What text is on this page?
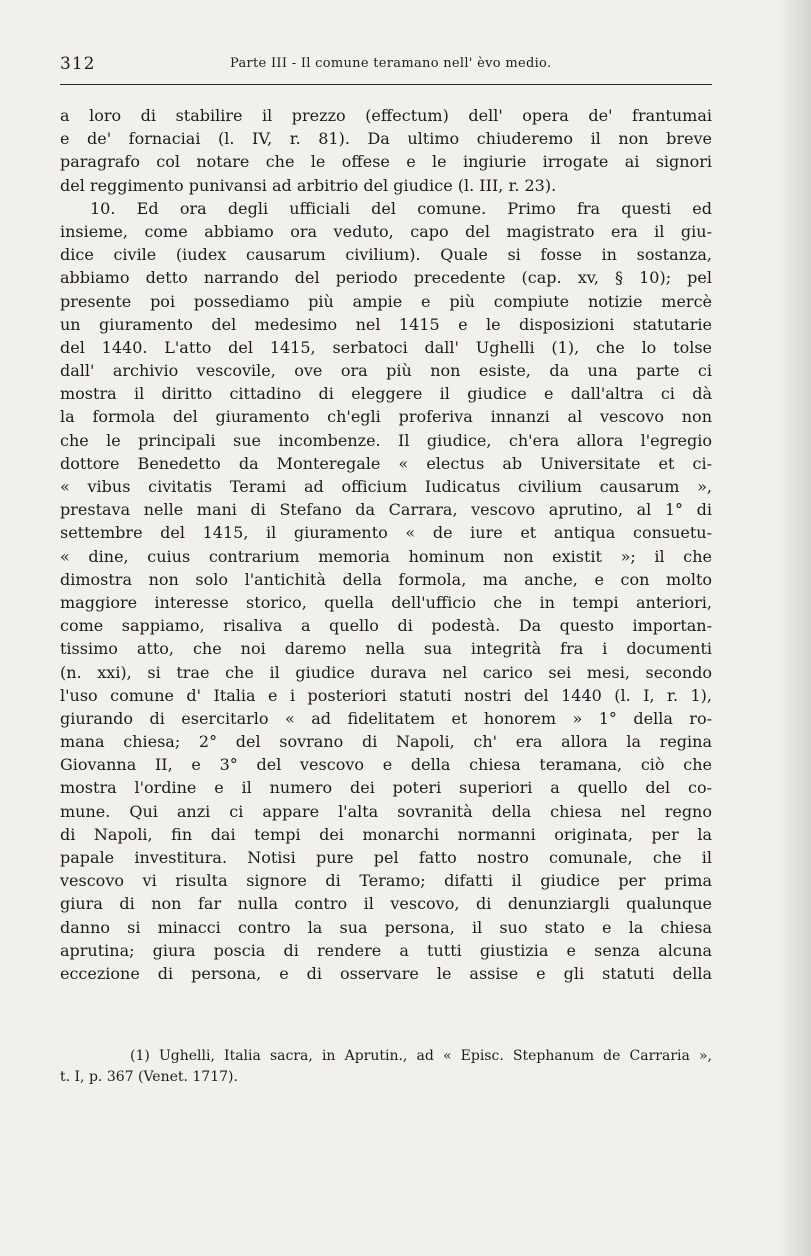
312	Parte III - Il comune teramano nell' èvo medio.
a loro di stabilire il prezzo (effectum) dell' opera de' frantumai
e de' fornaciai (l. IV, r. 81). Da ultimo chiuderemo il non breve
paragrafo col notare che le offese e le ingiurie irrogate ai signori
del reggimento punivansi ad arbitrio del giudice (l. III, r. 23).
10. Ed ora degli ufficiali del comune. Primo fra questi ed
insieme, come abbiamo ora veduto, capo del magistrato era il giu-
dice civile (iudex causarum civilium). Quale si fosse in sostanza,
abbiamo detto narrando del periodo precedente (cap. xv, § 10); pel
presente poi possediamo più ampie e più compiute notizie mercè
un giuramento del medesimo nel 1415 e le disposizioni statutarie
del 1440. L'atto del 1415, serbatoci dall' Ughelli (1), che lo tolse
dall' archivio vescovile, ove ora più non esiste, da una parte ci
mostra il diritto cittadino di eleggere il giudice e dall'altra ci dà
la formola del giuramento ch'egli proferiva innanzi al vescovo non
che le principali sue incombenze. Il giudice, ch'era allora l'egregio
dottore Benedetto da Monteregale « electus ab Universitate et ci-
« vibus civitatis Terami ad officium Iudicatus civilium causarum »,
prestava nelle mani di Stefano da Carrara, vescovo aprutino, al 1° di
settembre del 1415, il giuramento « de iure et antiqua consuetu-
« dine, cuius contrarium memoria hominum non existit »; il che
dimostra non solo l'antichità della formola, ma anche, e con molto
maggiore interesse storico, quella dell'ufficio che in tempi anteriori,
come sappiamo, risaliva a quello di podestà. Da questo importan-
tissimo atto, che noi daremo nella sua integrità fra i documenti
(n. xxi), si trae che il giudice durava nel carico sei mesi, secondo
l'uso comune d' Italia e i posteriori statuti nostri del 1440 (l. I, r. 1),
giurando di esercitarlo « ad fidelitatem et honorem » 1° della ro-
mana chiesa; 2° del sovrano di Napoli, ch' era allora la regina
Giovanna II, e 3° del vescovo e della chiesa teramana, ciò che
mostra l'ordine e il numero dei poteri superiori a quello del co-
mune. Qui anzi ci appare l'alta sovranità della chiesa nel regno
di Napoli, fin dai tempi dei monarchi normanni originata, per la
papale investitura. Notisi pure pel fatto nostro comunale, che il
vescovo vi risulta signore di Teramo; difatti il giudice per prima
giura di non far nulla contro il vescovo, di denunziargli qualunque
danno si minacci contro la sua persona, il suo stato e la chiesa
aprutina; giura poscia di rendere a tutti giustizia e senza alcuna
eccezione di persona, e di osservare le assise e gli statuti della
(1) Ughelli, Italia sacra, in Aprutin., ad « Episc. Stephanum de Carraria »,
t. I, p. 367 (Venet. 1717).
